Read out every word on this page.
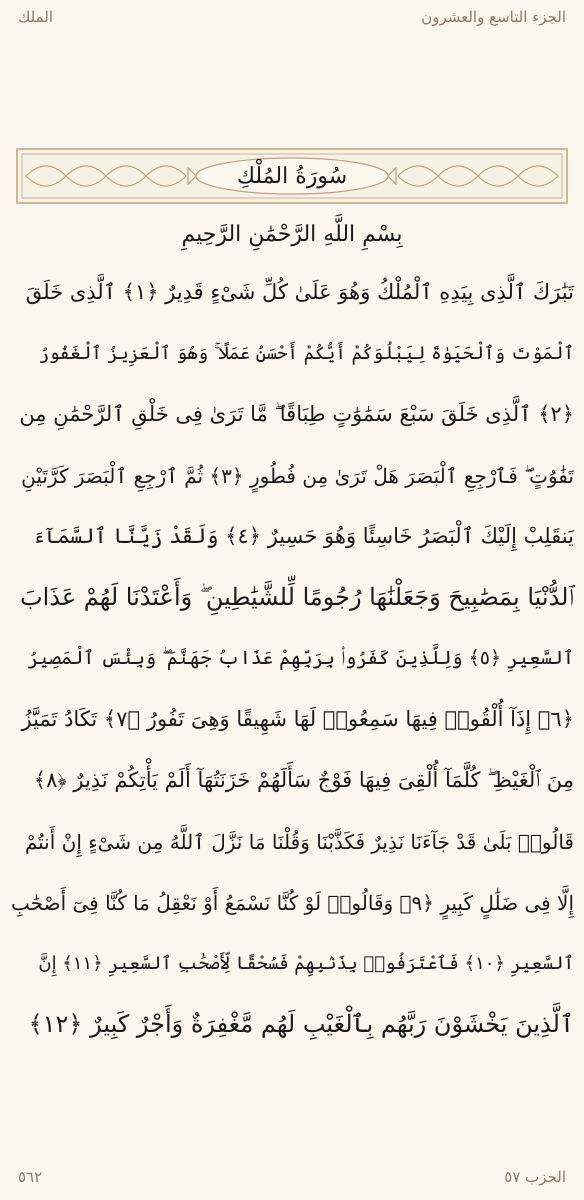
الجزء التاسع والعشرون
الملك
سُورَةُ المُلْكِ
بِسْمِ اللَّهِ الرَّحْمَٰنِ الرَّحِيمِ
تَبَٰرَكَ ٱلَّذِى بِيَدِهِ ٱلْمُلْكُ وَهُوَ عَلَىٰ كُلِّ شَىْءٍ قَدِيرٌ ﴿١﴾ ٱلَّذِى خَلَقَ
ٱلْمَوْتَ وَٱلْحَيَوٰةَ لِيَبْلُوَكُمْ أَيُّكُمْ أَحْسَنُ عَمَلًا ۚ وَهُوَ ٱلْعَزِيزُ ٱلْغَفُورُ
﴿٢﴾ ٱلَّذِى خَلَقَ سَبْعَ سَمَٰوَٰتٍ طِبَاقًا ۖ مَّا تَرَىٰ فِى خَلْقِ ٱلرَّحْمَٰنِ مِن
تَفَٰوُتٍ ۖ فَٱرْجِعِ ٱلْبَصَرَ هَلْ تَرَىٰ مِن فُطُورٍ ﴿٣﴾ ثُمَّ ٱرْجِعِ ٱلْبَصَرَ كَرَّتَيْنِ
يَنقَلِبْ إِلَيْكَ ٱلْبَصَرُ خَاسِئًا وَهُوَ حَسِيرٌ ﴿٤﴾ وَلَقَدْ زَيَّنَّا ٱلسَّمَآءَ
ٱلدُّنْيَا بِمَصَٰبِيحَ وَجَعَلْنَٰهَا رُجُومًا لِّلشَّيَٰطِينِ ۖ وَأَعْتَدْنَا لَهُمْ عَذَابَ
ٱلسَّعِيرِ ﴿٥﴾ وَلِلَّذِينَ كَفَرُوا۟ بِرَبِّهِمْ عَذَابُ جَهَنَّمَ ۖ وَبِئْسَ ٱلْمَصِيرُ
﴿٦﴾ إِذَآ أُلْقُوا۟ فِيهَا سَمِعُوا۟ لَهَا شَهِيقًا وَهِىَ تَفُورُ ﴿٧﴾ تَكَادُ تَمَيَّزُ
مِنَ ٱلْغَيْظِ ۖ كُلَّمَآ أُلْقِىَ فِيهَا فَوْجٌ سَأَلَهُمْ خَزَنَتُهَآ أَلَمْ يَأْتِكُمْ نَذِيرٌ ﴿٨﴾
قَالُوا۟ بَلَىٰ قَدْ جَآءَنَا نَذِيرٌ فَكَذَّبْنَا وَقُلْنَا مَا نَزَّلَ ٱللَّهُ مِن شَىْءٍ إِنْ أَنتُمْ
إِلَّا فِى ضَلَٰلٍ كَبِيرٍ ﴿٩﴾ وَقَالُوا۟ لَوْ كُنَّا نَسْمَعُ أَوْ نَعْقِلُ مَا كُنَّا فِىٓ أَصْحَٰبِ
ٱلسَّعِيرِ ﴿١٠﴾ فَٱعْتَرَفُوا۟ بِذَنۢبِهِمْ فَسُحْقًا لِّأَصْحَٰبِ ٱلسَّعِيرِ ﴿١١﴾ إِنَّ
ٱلَّذِينَ يَخْشَوْنَ رَبَّهُم بِٱلْغَيْبِ لَهُم مَّغْفِرَةٌ وَأَجْرٌ كَبِيرٌ ﴿١٢﴾
الحزب ٥٧
٥٦٢
